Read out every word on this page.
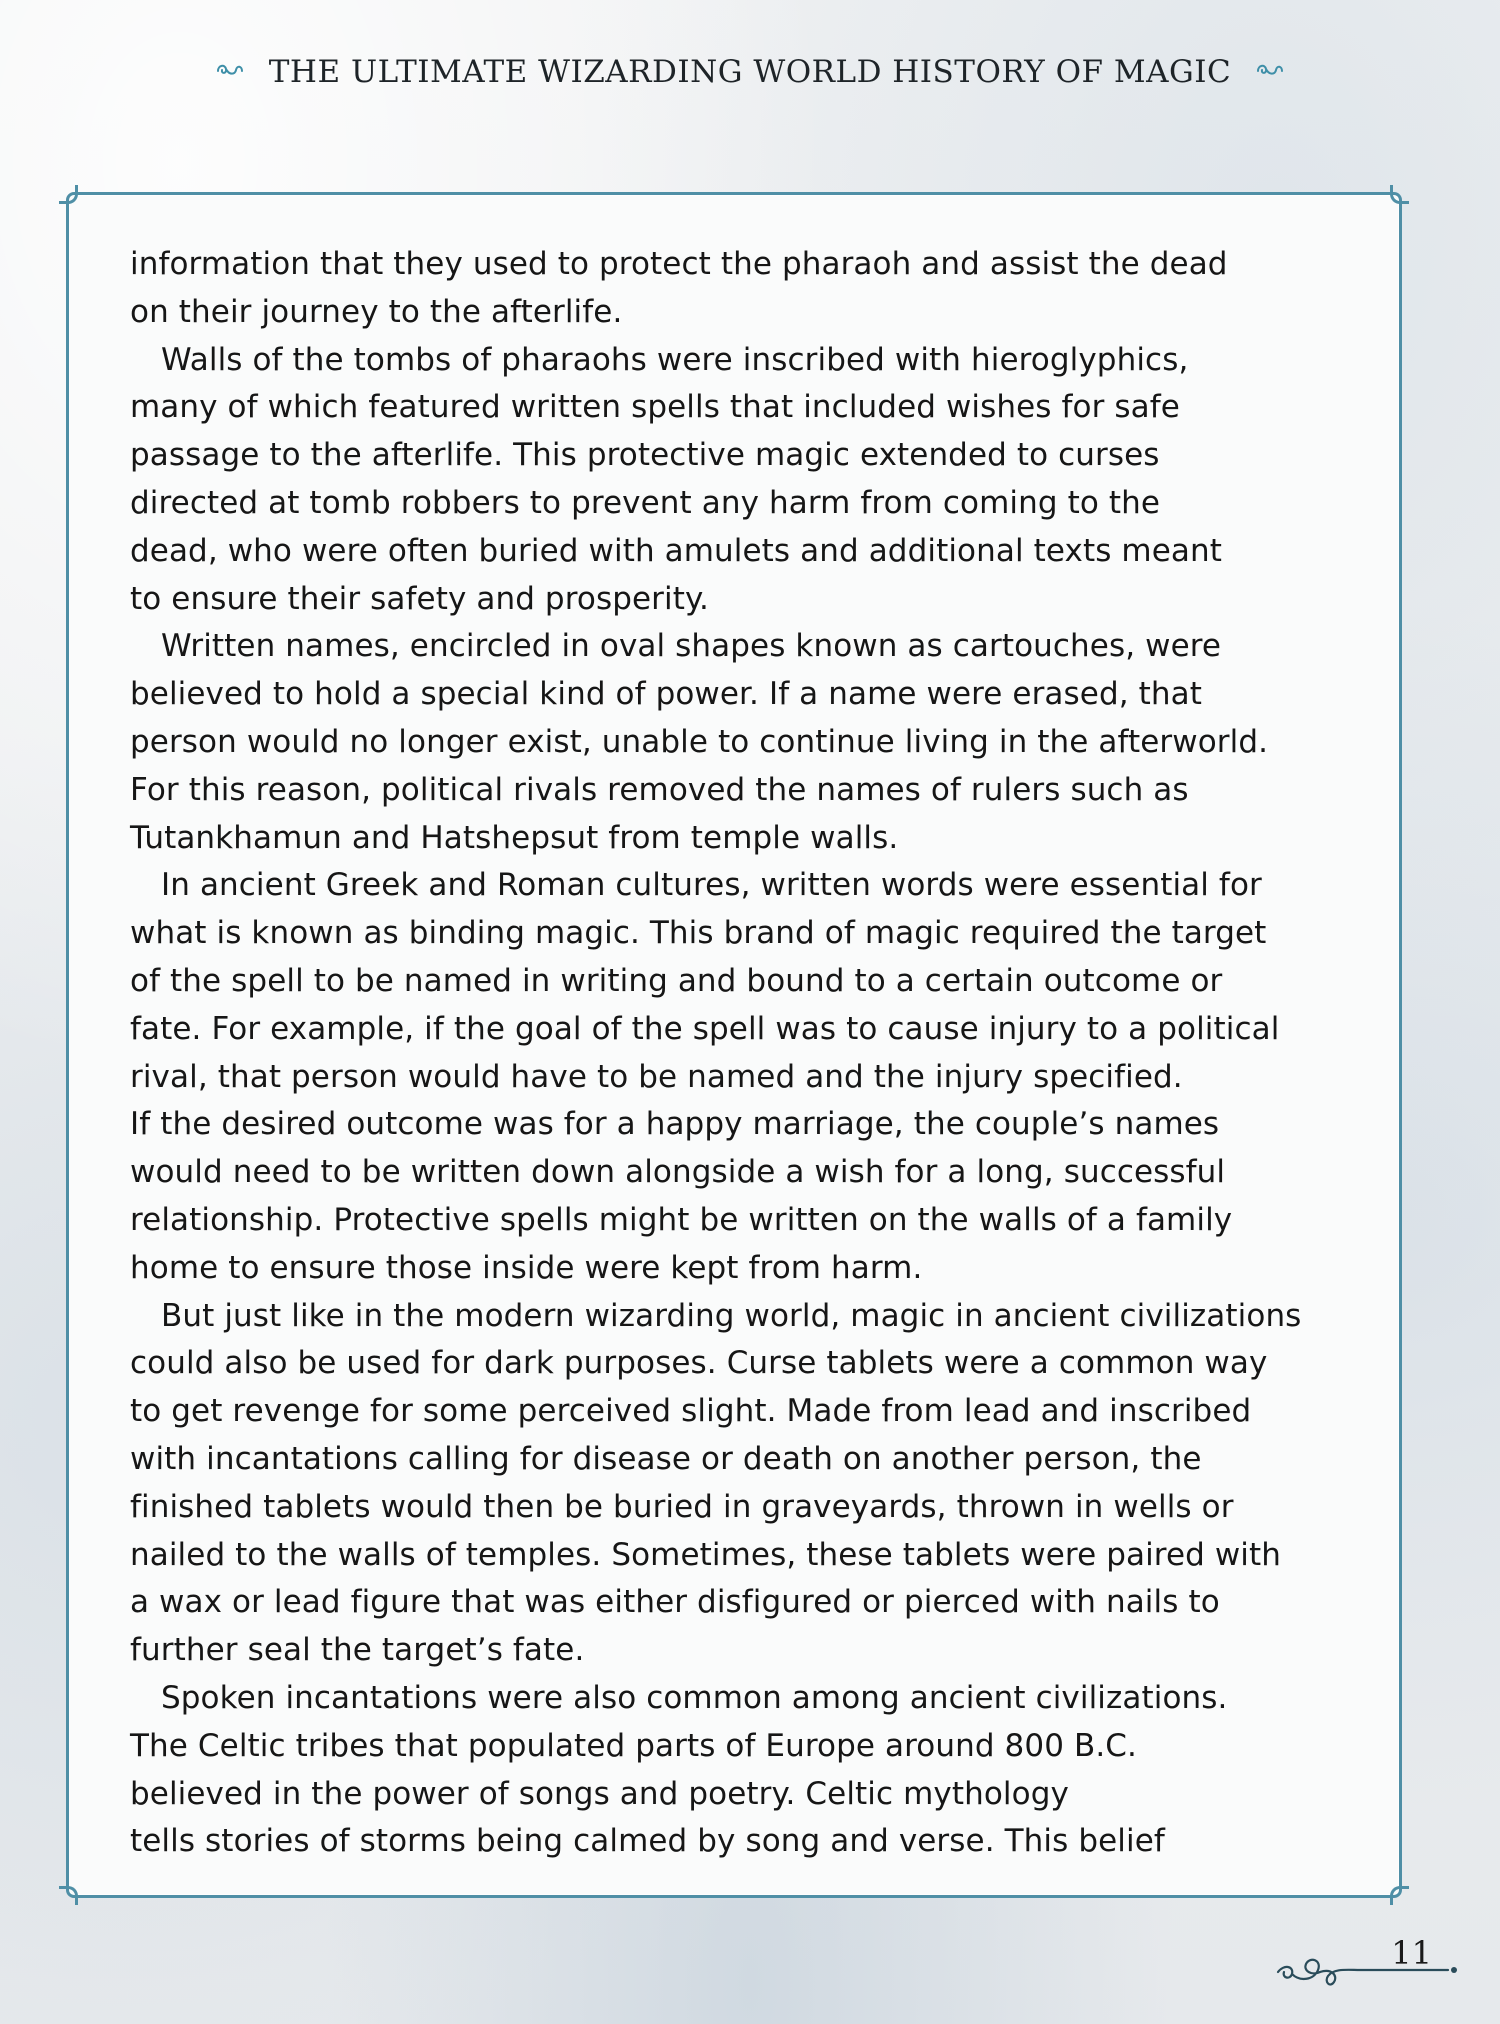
THE ULTIMATE WIZARDING WORLD HISTORY OF MAGIC
information that they used to protect the pharaoh and assist the dead
on their journey to the afterlife.
Walls of the tombs of pharaohs were inscribed with hieroglyphics,
many of which featured written spells that included wishes for safe
passage to the afterlife. This protective magic extended to curses
directed at tomb robbers to prevent any harm from coming to the
dead, who were often buried with amulets and additional texts meant
to ensure their safety and prosperity.
Written names, encircled in oval shapes known as cartouches, were
believed to hold a special kind of power. If a name were erased, that
person would no longer exist, unable to continue living in the afterworld.
For this reason, political rivals removed the names of rulers such as
Tutankhamun and Hatshepsut from temple walls.
In ancient Greek and Roman cultures, written words were essential for
what is known as binding magic. This brand of magic required the target
of the spell to be named in writing and bound to a certain outcome or
fate. For example, if the goal of the spell was to cause injury to a political
rival, that person would have to be named and the injury specified.
If the desired outcome was for a happy marriage, the couple’s names
would need to be written down alongside a wish for a long, successful
relationship. Protective spells might be written on the walls of a family
home to ensure those inside were kept from harm.
But just like in the modern wizarding world, magic in ancient civilizations
could also be used for dark purposes. Curse tablets were a common way
to get revenge for some perceived slight. Made from lead and inscribed
with incantations calling for disease or death on another person, the
finished tablets would then be buried in graveyards, thrown in wells or
nailed to the walls of temples. Sometimes, these tablets were paired with
a wax or lead figure that was either disfigured or pierced with nails to
further seal the target’s fate.
Spoken incantations were also common among ancient civilizations.
The Celtic tribes that populated parts of Europe around 800 B.C.
believed in the power of songs and poetry. Celtic mythology
tells stories of storms being calmed by song and verse. This belief
11
